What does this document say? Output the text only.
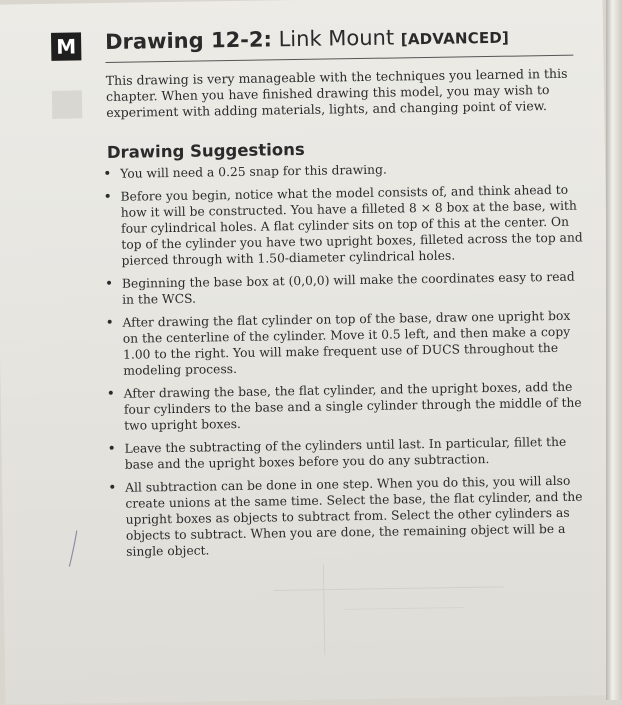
M Drawing 12-2: Link Mount [ADVANCED]

This drawing is very manageable with the techniques you learned in this chapter. When you have finished drawing this model, you may wish to experiment with adding materials, lights, and changing point of view.

Drawing Suggestions
• You will need a 0.25 snap for this drawing.
• Before you begin, notice what the model consists of, and think ahead to how it will be constructed. You have a filleted 8 × 8 box at the base, with four cylindrical holes. A flat cylinder sits on top of this at the center. On top of the cylinder you have two upright boxes, filleted across the top and pierced through with 1.50-diameter cylindrical holes.
• Beginning the base box at (0,0,0) will make the coordinates easy to read in the WCS.
• After drawing the flat cylinder on top of the base, draw one upright box on the centerline of the cylinder. Move it 0.5 left, and then make a copy 1.00 to the right. You will make frequent use of DUCS throughout the modeling process.
• After drawing the base, the flat cylinder, and the upright boxes, add the four cylinders to the base and a single cylinder through the middle of the two upright boxes.
• Leave the subtracting of the cylinders until last. In particular, fillet the base and the upright boxes before you do any subtraction.
• All subtraction can be done in one step. When you do this, you will also create unions at the same time. Select the base, the flat cylinder, and the upright boxes as objects to subtract from. Select the other cylinders as objects to subtract. When you are done, the remaining object will be a single object.
